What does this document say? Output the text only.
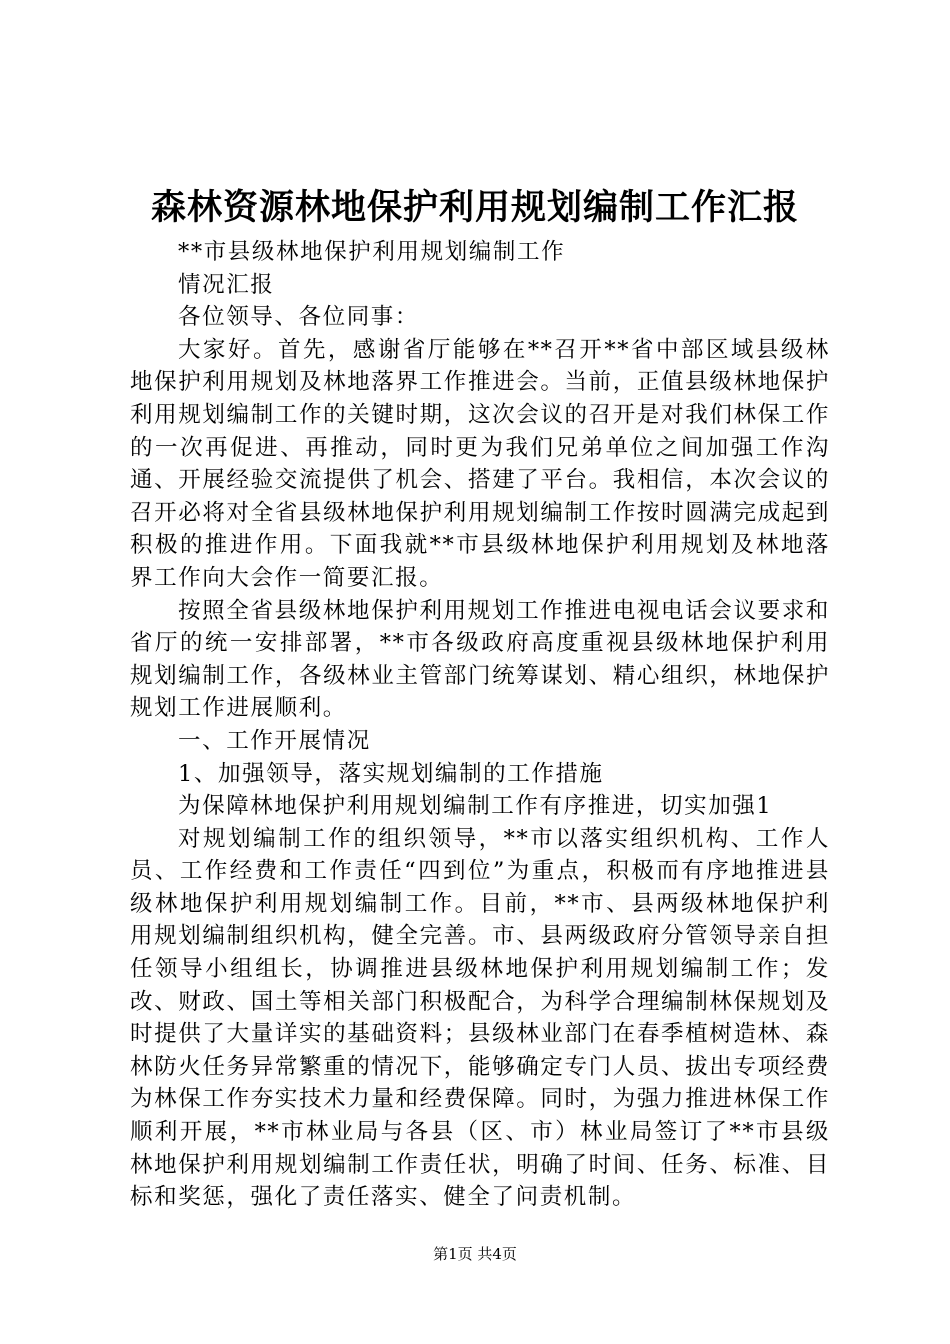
森林资源林地保护利用规划编制工作汇报

**市县级林地保护利用规划编制工作

情况汇报

各位领导、各位同事：

大家好。首先，感谢省厅能够在**召开**省中部区域县级林地保护利用规划及林地落界工作推进会。当前，正值县级林地保护利用规划编制工作的关键时期，这次会议的召开是对我们林保工作的一次再促进、再推动，同时更为我们兄弟单位之间加强工作沟通、开展经验交流提供了机会、搭建了平台。我相信，本次会议的召开必将对全省县级林地保护利用规划编制工作按时圆满完成起到积极的推进作用。下面我就**市县级林地保护利用规划及林地落界工作向大会作一简要汇报。

按照全省县级林地保护利用规划工作推进电视电话会议要求和省厅的统一安排部署，**市各级政府高度重视县级林地保护利用规划编制工作，各级林业主管部门统筹谋划、精心组织，林地保护规划工作进展顺利。

一、工作开展情况

1、加强领导，落实规划编制的工作措施

为保障林地保护利用规划编制工作有序推进，切实加强1

对规划编制工作的组织领导，**市以落实组织机构、工作人员、工作经费和工作责任“四到位”为重点，积极而有序地推进县级林地保护利用规划编制工作。目前，**市、县两级林地保护利用规划编制组织机构，健全完善。市、县两级政府分管领导亲自担任领导小组组长，协调推进县级林地保护利用规划编制工作；发改、财政、国土等相关部门积极配合，为科学合理编制林保规划及时提供了大量详实的基础资料；县级林业部门在春季植树造林、森林防火任务异常繁重的情况下，能够确定专门人员、拔出专项经费为林保工作夯实技术力量和经费保障。同时，为强力推进林保工作顺利开展，**市林业局与各县（区、市）林业局签订了**市县级林地保护利用规划编制工作责任状，明确了时间、任务、标准、目标和奖惩，强化了责任落实、健全了问责机制。

第1页 共4页
